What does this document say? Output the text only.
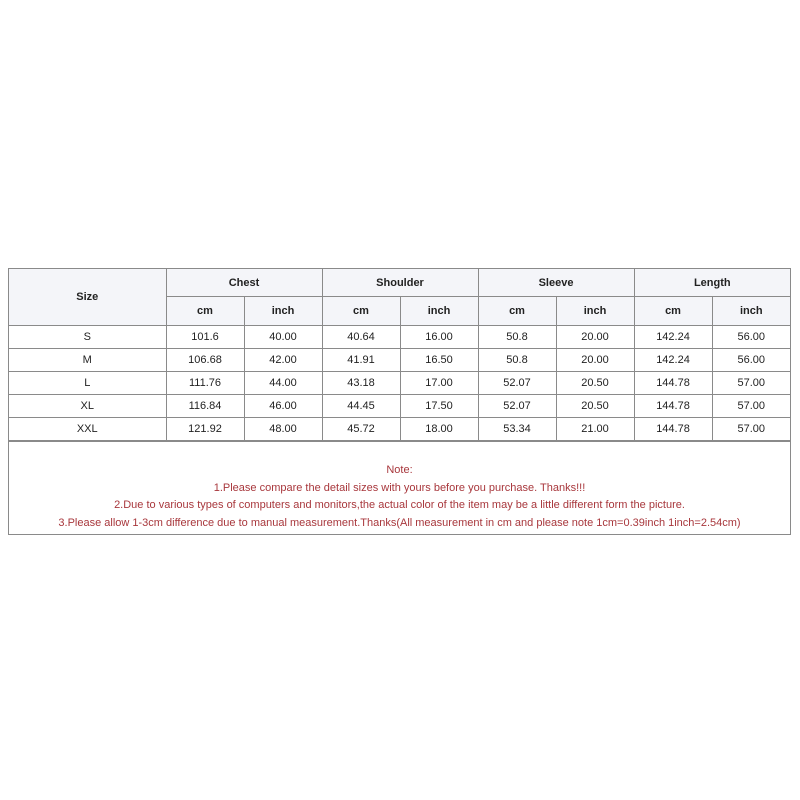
Size	Chest		Shoulder		Sleeve		Length	
	cm	inch	cm	inch	cm	inch	cm	inch
S	101.6	40.00	40.64	16.00	50.8	20.00	142.24	56.00
M	106.68	42.00	41.91	16.50	50.8	20.00	142.24	56.00
L	111.76	44.00	43.18	17.00	52.07	20.50	144.78	57.00
XL	116.84	46.00	44.45	17.50	52.07	20.50	144.78	57.00
XXL	121.92	48.00	45.72	18.00	53.34	21.00	144.78	57.00
Note:
1.Please compare the detail sizes with yours before you purchase. Thanks!!!
2.Due to various types of computers and monitors,the actual color of the item may be a little different form the picture.
3.Please allow 1-3cm difference due to manual measurement.Thanks(All measurement in cm and please note 1cm=0.39inch 1inch=2.54cm)
